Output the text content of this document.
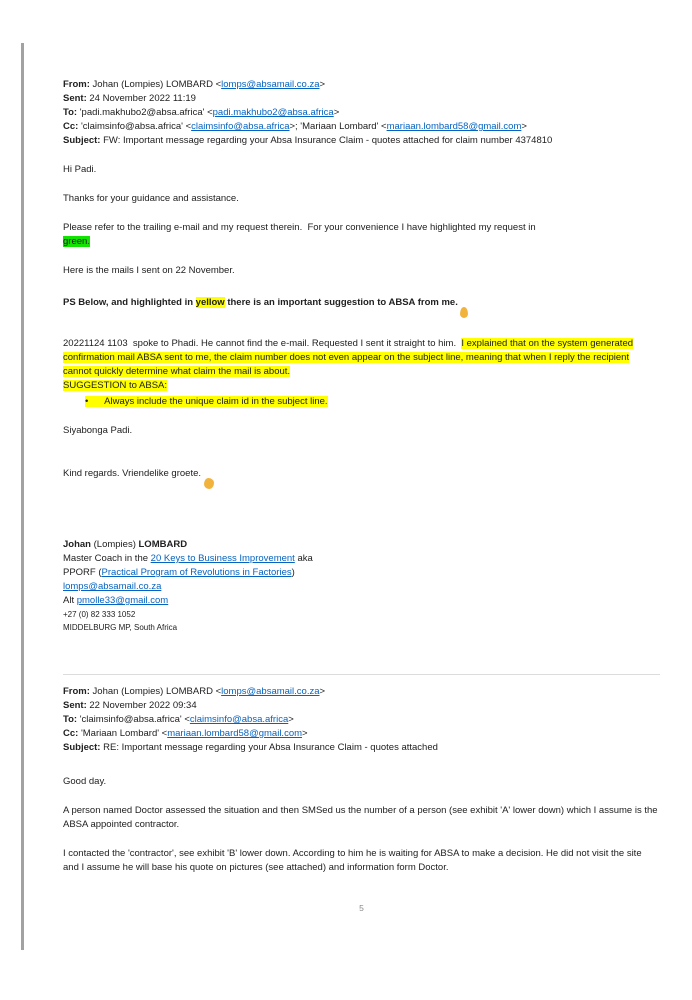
From: Johan (Lompies) LOMBARD <lomps@absamail.co.za>
Sent: 24 November 2022 11:19
To: 'padi.makhubo2@absa.africa' <padi.makhubo2@absa.africa>
Cc: 'claimsinfo@absa.africa' <claimsinfo@absa.africa>; 'Mariaan Lombard' <mariaan.lombard58@gmail.com>
Subject: FW: Important message regarding your Absa Insurance Claim - quotes attached for claim number 4374810

Hi Padi.

Thanks for your guidance and assistance.

Please refer to the trailing e-mail and my request therein.  For your convenience I have highlighted my request in
green.

Here is the mails I sent on 22 November.

PS Below, and highlighted in yellow there is an important suggestion to ABSA from me.

20221124 1103  spoke to Phadi. He cannot find the e-mail. Requested I sent it straight to him.  I explained that on the system generated confirmation mail ABSA sent to me, the claim number does not even appear on the subject line, meaning that when I reply the recipient cannot quickly determine what claim the mail is about.
SUGGESTION to ABSA:

•      Always include the unique claim id in the subject line.

Siyabonga Padi.

Kind regards. Vriendelike groete.

Johan (Lompies) LOMBARD
Master Coach in the 20 Keys to Business Improvement aka
PPORF (Practical Program of Revolutions in Factories)
lomps@absamail.co.za
Alt pmolle33@gmail.com
+27 (0) 82 333 1052
MIDDELBURG MP, South Africa
From: Johan (Lompies) LOMBARD <lomps@absamail.co.za>
Sent: 22 November 2022 09:34
To: 'claimsinfo@absa.africa' <claimsinfo@absa.africa>
Cc: 'Mariaan Lombard' <mariaan.lombard58@gmail.com>
Subject: RE: Important message regarding your Absa Insurance Claim - quotes attached

Good day.

A person named Doctor assessed the situation and then SMSed us the number of a person (see exhibit 'A' lower down) which I assume is the ABSA appointed contractor.

I contacted the 'contractor', see exhibit 'B' lower down. According to him he is waiting for ABSA to make a decision. He did not visit the site and I assume he will base his quote on pictures (see attached) and information form Doctor.

5
